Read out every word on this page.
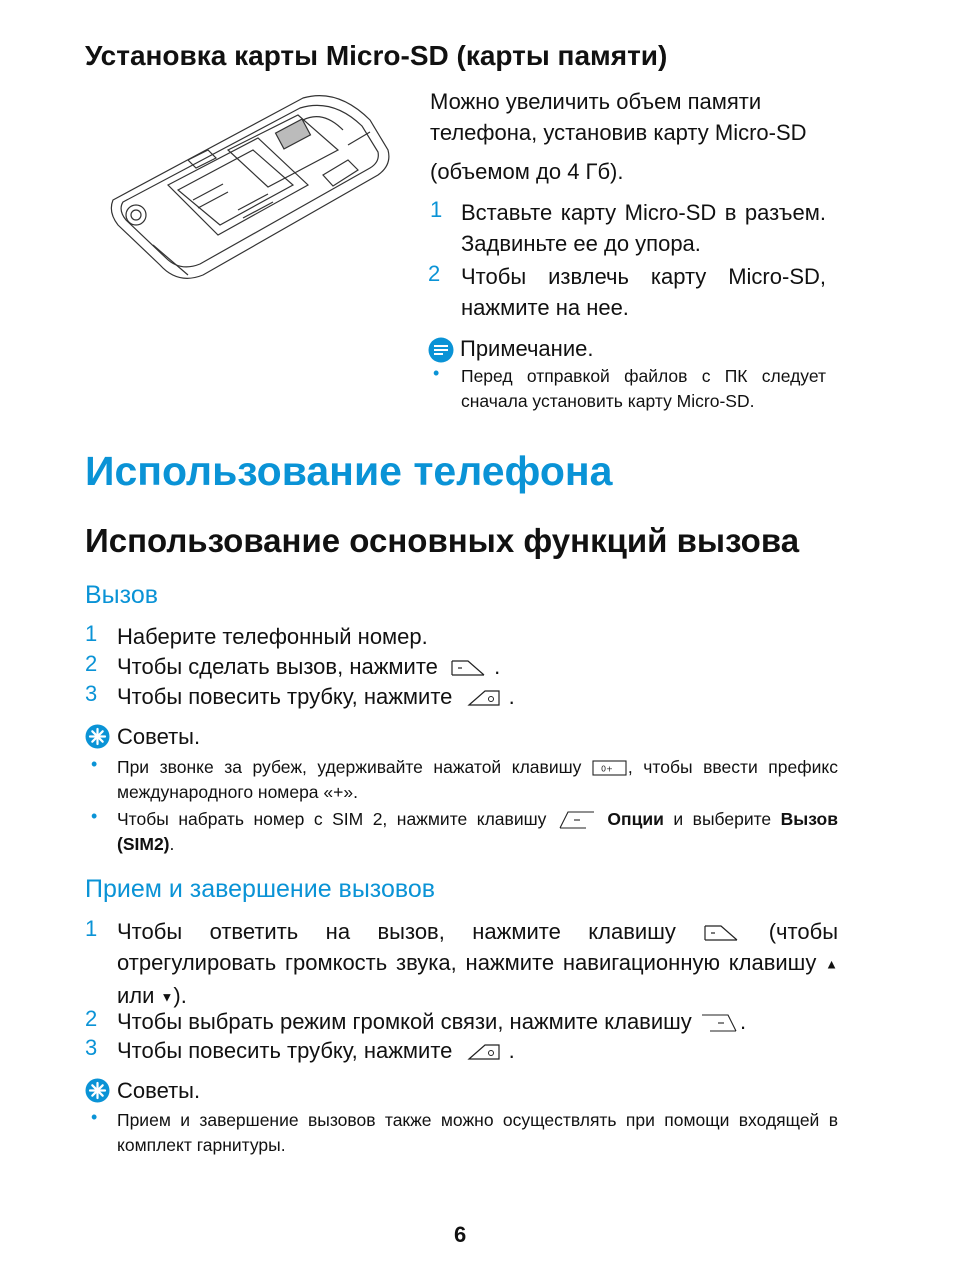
Установка карты Micro-SD (карты памяти)
Можно увеличить объем памяти
телефона, установив карту Micro-SD
(объемом до 4 Гб).
1 Вставьте карту Micro-SD в разъем. Задвиньте ее до упора.
2 Чтобы извлечь карту Micro-SD, нажмите на нее.
Примечание.
• Перед отправкой файлов с ПК следует сначала установить карту Micro-SD.
Использование телефона
Использование основных функций вызова
Вызов
1 Наберите телефонный номер.
2 Чтобы сделать вызов, нажмите	.
3 Чтобы повесить трубку, нажмите	.
Советы.
• При звонке за рубеж, удерживайте нажатой клавишу 0+ , чтобы ввести префикс международного номера «+».
• Чтобы набрать номер с SIM 2, нажмите клавишу	Опции и выберите Вызов (SIM2).
Прием и завершение вызовов
1 Чтобы ответить на вызов, нажмите клавишу	(чтобы отрегулировать громкость звука, нажмите навигационную клавишу ▲ или ▼).
2 Чтобы выбрать режим громкой связи, нажмите клавишу .
3 Чтобы повесить трубку, нажмите	.
Советы.
• Прием и завершение вызовов также можно осуществлять при помощи входящей в комплект гарнитуры.
6
